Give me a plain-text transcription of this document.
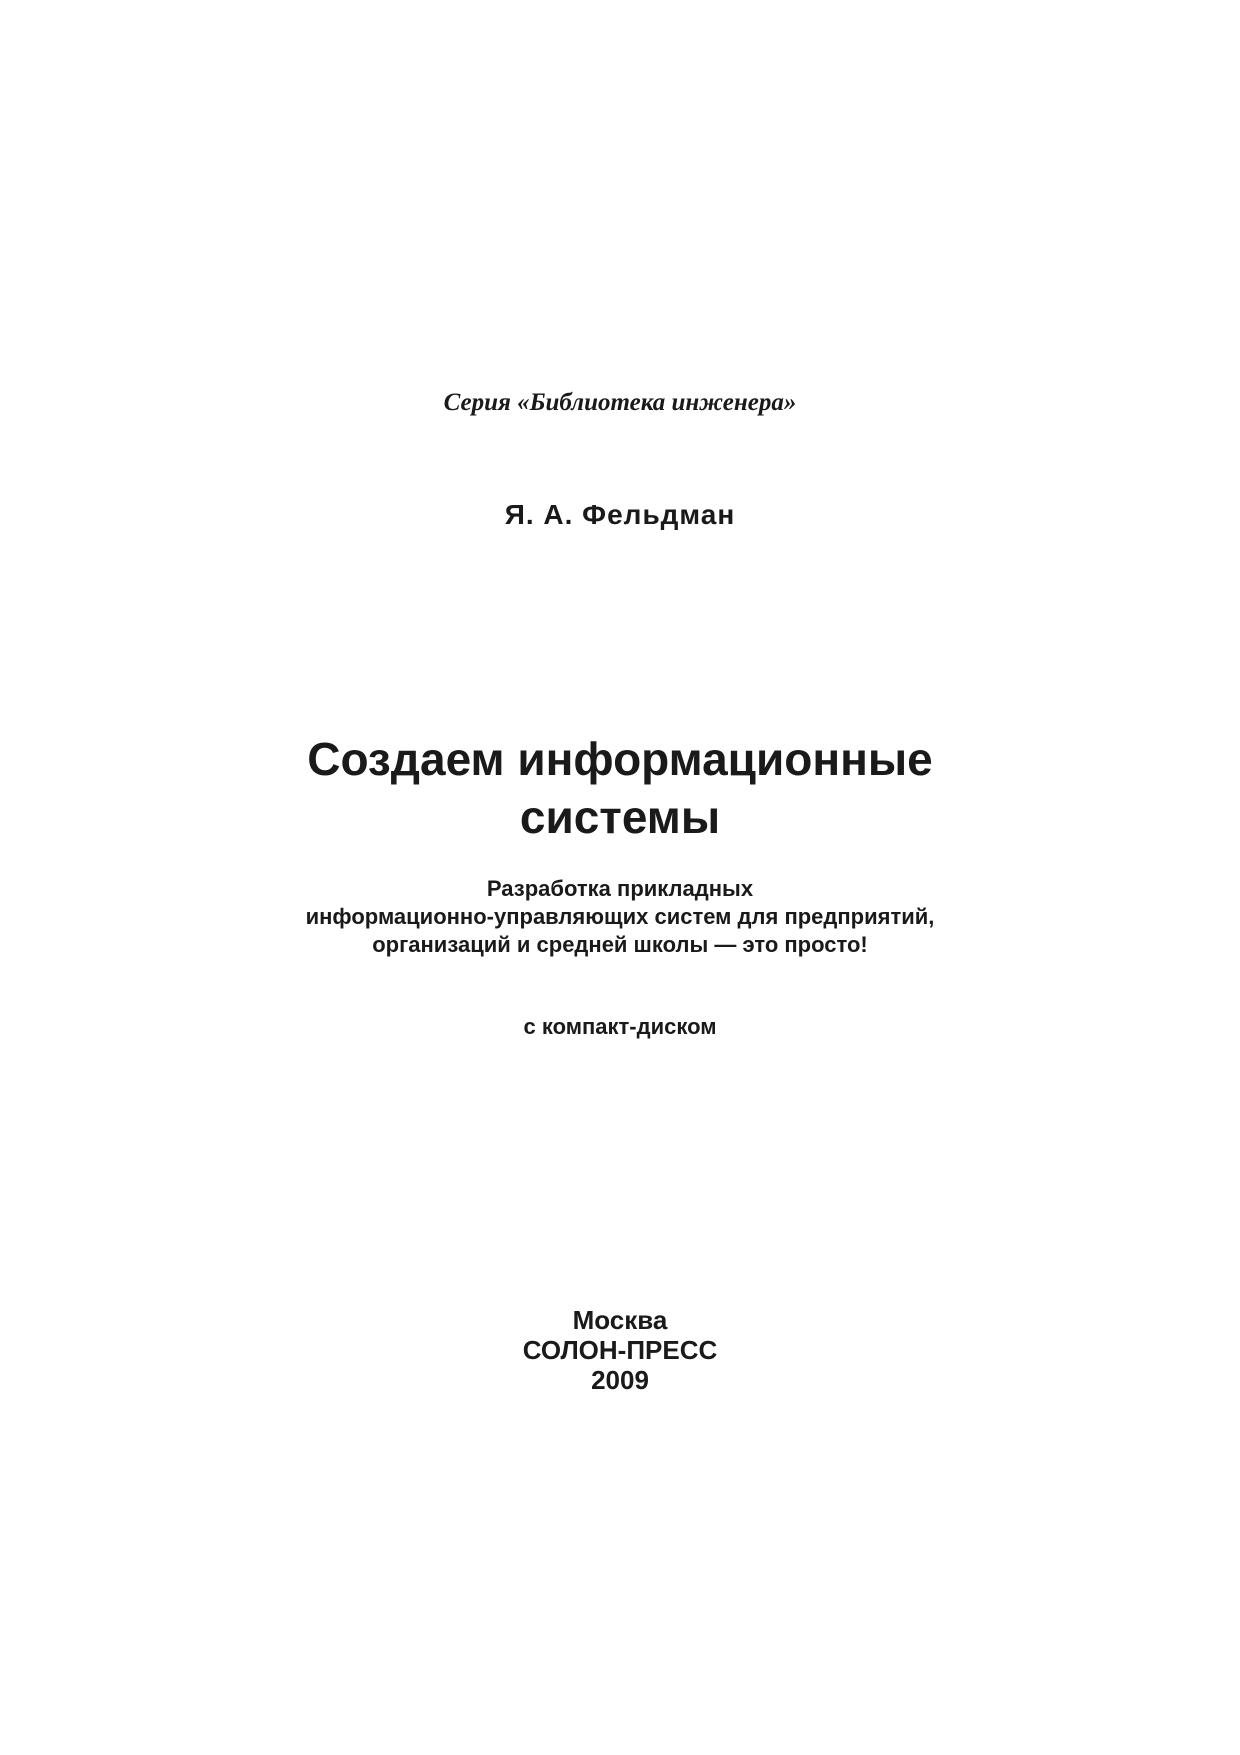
Серия «Библиотека инженера»
Я. А. Фельдман
Создаем информационные
системы
Разработка прикладных
информационно-управляющих систем для предприятий,
организаций и средней школы — это просто!
с компакт-диском
Москва
СОЛОН-ПРЕСС
2009
